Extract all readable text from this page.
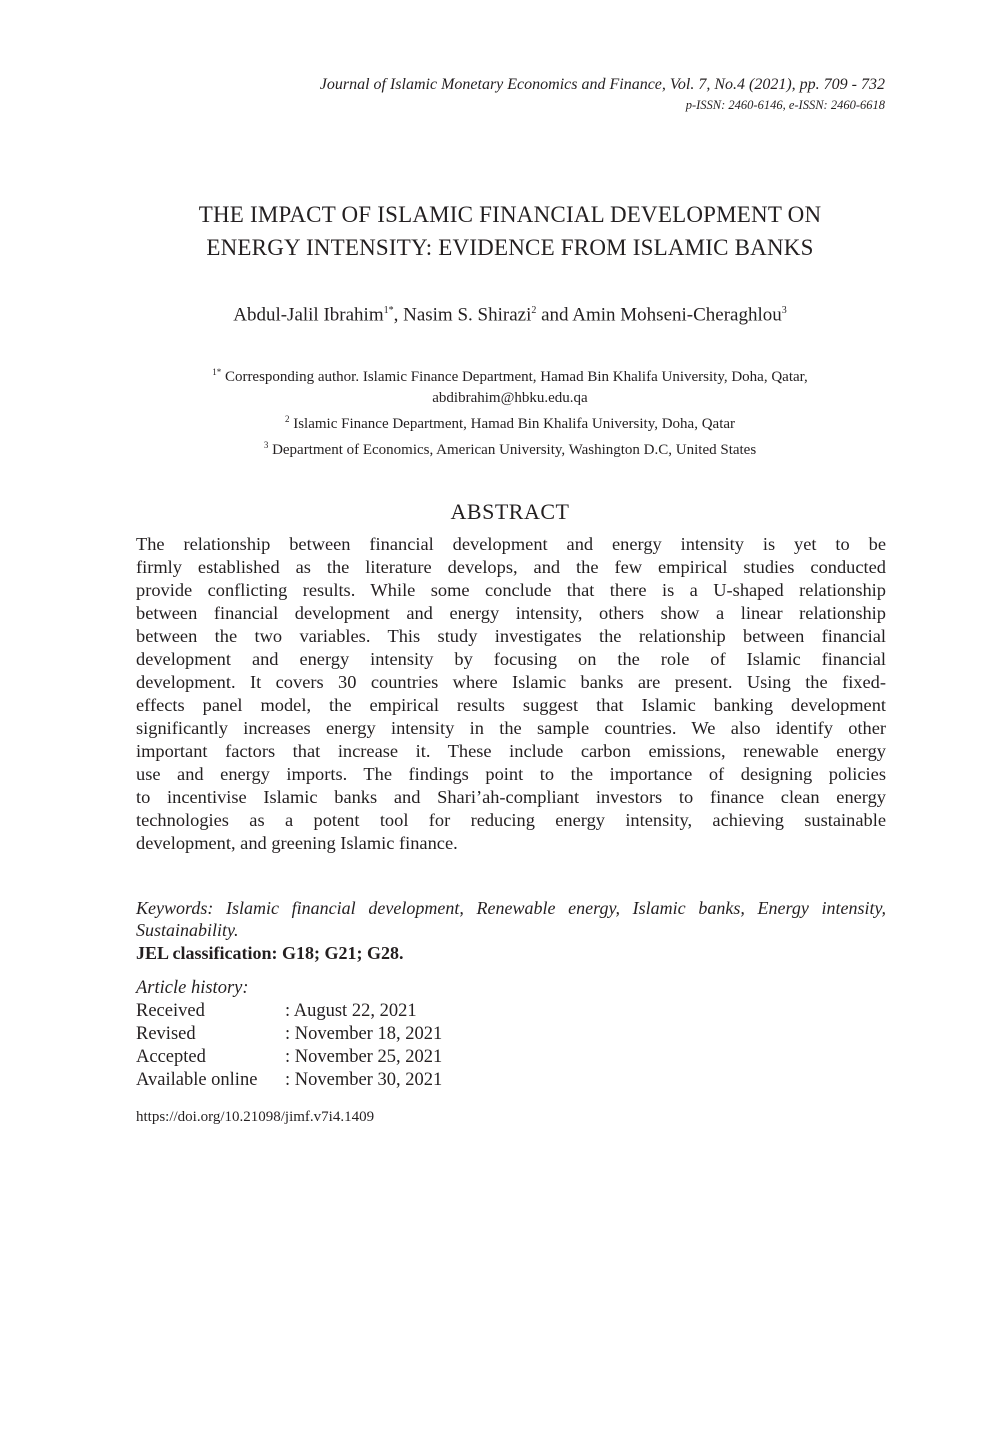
Journal of Islamic Monetary Economics and Finance, Vol. 7, No.4 (2021), pp. 709 - 732
p-ISSN: 2460-6146, e-ISSN: 2460-6618
THE IMPACT OF ISLAMIC FINANCIAL DEVELOPMENT ON
ENERGY INTENSITY: EVIDENCE FROM ISLAMIC BANKS
Abdul-Jalil Ibrahim$^{1*}$, Nasim S. Shirazi$^2$ and Amin Mohseni-Cheraghlou$^3$
$^{1*}$ Corresponding author. Islamic Finance Department, Hamad Bin Khalifa University, Doha, Qatar,
abdibrahim@hbku.edu.qa
$^2$ Islamic Finance Department, Hamad Bin Khalifa University, Doha, Qatar
$^3$ Department of Economics, American University, Washington D.C, United States
ABSTRACT
The relationship between financial development and energy intensity is yet to be
firmly established as the literature develops, and the few empirical studies conducted
provide conflicting results. While some conclude that there is a U-shaped relationship
between financial development and energy intensity, others show a linear relationship
between the two variables. This study investigates the relationship between financial
development and energy intensity by focusing on the role of Islamic financial
development. It covers 30 countries where Islamic banks are present. Using the fixed-
effects panel model, the empirical results suggest that Islamic banking development
significantly increases energy intensity in the sample countries. We also identify other
important factors that increase it. These include carbon emissions, renewable energy
use and energy imports. The findings point to the importance of designing policies
to incentivise Islamic banks and Shari’ah-compliant investors to finance clean energy
technologies as a potent tool for reducing energy intensity, achieving sustainable
development, and greening Islamic finance.
Keywords: Islamic financial development, Renewable energy, Islamic banks, Energy intensity,
Sustainability.
JEL classification: G18; G21; G28.
Article history:
Received	: August 22, 2021
Revised	: November 18, 2021
Accepted	: November 25, 2021
Available online : November 30, 2021
https://doi.org/10.21098/jimf.v7i4.1409
